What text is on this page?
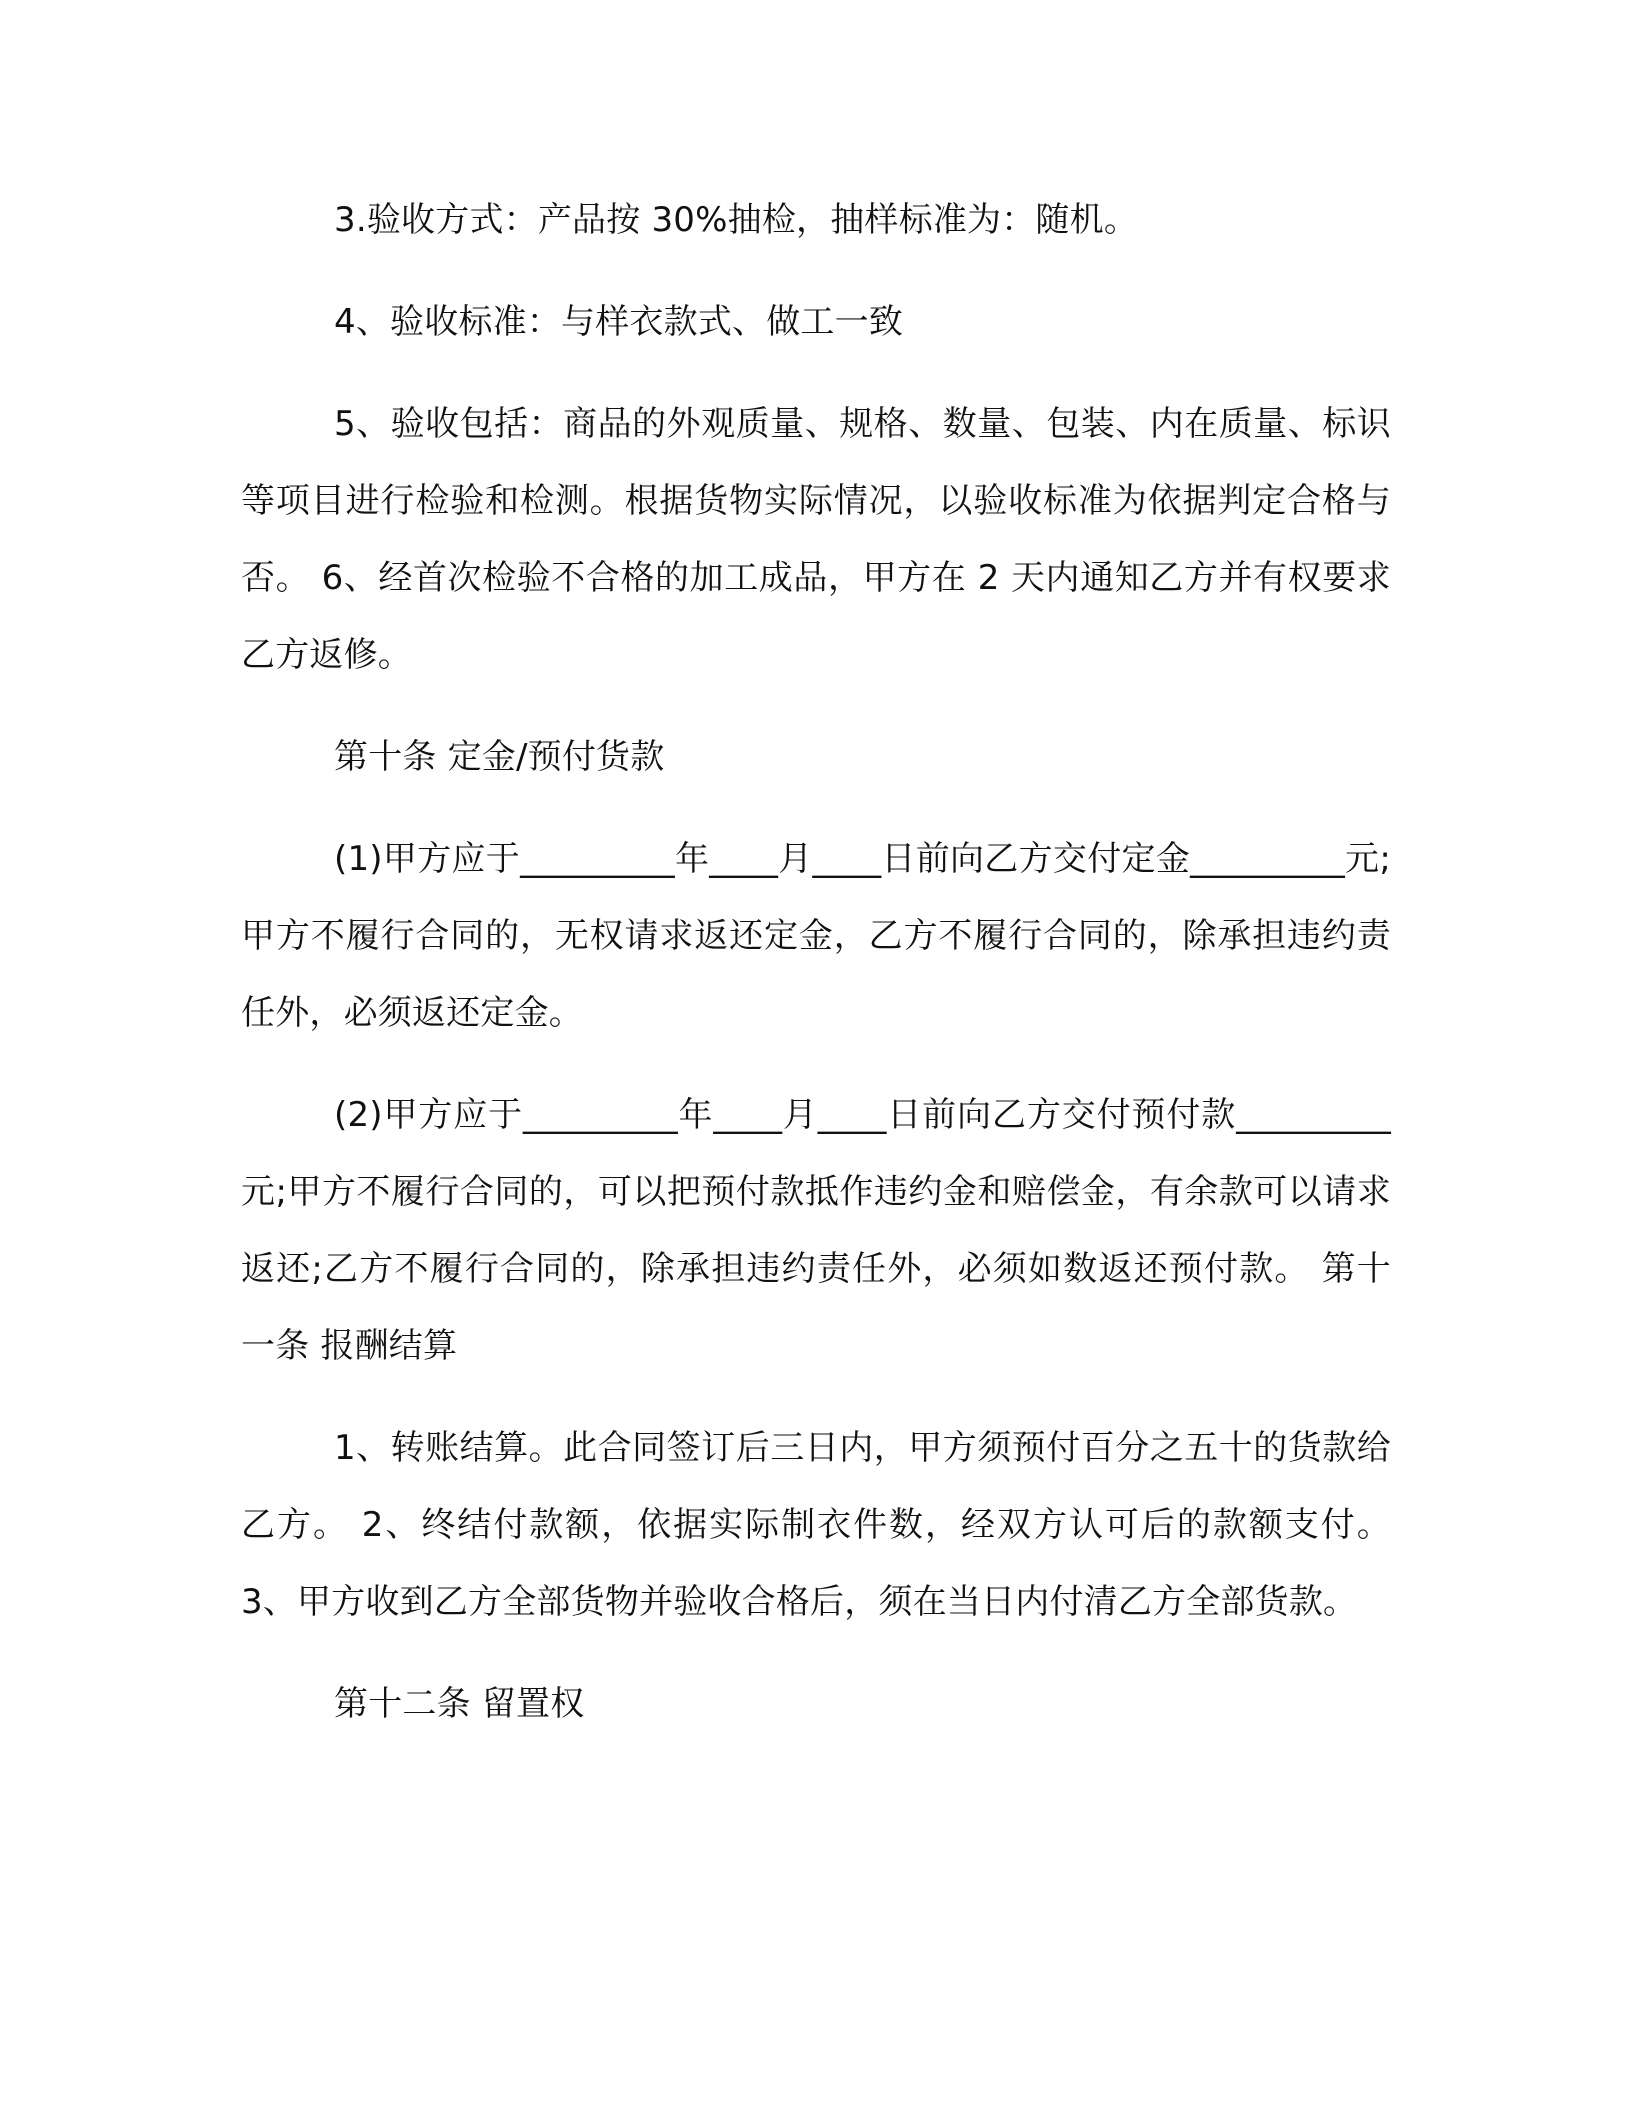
3.验收方式：产品按 30%抽检，抽样标准为：随机。

4、验收标准：与样衣款式、做工一致

5、验收包括：商品的外观质量、规格、数量、包装、内在质量、标识等项目进行检验和检测。根据货物实际情况，以验收标准为依据判定合格与否。 6、经首次检验不合格的加工成品，甲方在 2 天内通知乙方并有权要求乙方返修。

第十条 定金/预付货款

(1)甲方应于_________年____月____日前向乙方交付定金_________元;甲方不履行合同的，无权请求返还定金，乙方不履行合同的，除承担违约责任外，必须返还定金。

(2)甲方应于_________年____月____日前向乙方交付预付款_________元;甲方不履行合同的，可以把预付款抵作违约金和赔偿金，有余款可以请求返还;乙方不履行合同的，除承担违约责任外，必须如数返还预付款。 第十一条 报酬结算

1、转账结算。此合同签订后三日内，甲方须预付百分之五十的货款给乙方。 2、终结付款额，依据实际制衣件数，经双方认可后的款额支付。 3、甲方收到乙方全部货物并验收合格后，须在当日内付清乙方全部货款。

第十二条 留置权
